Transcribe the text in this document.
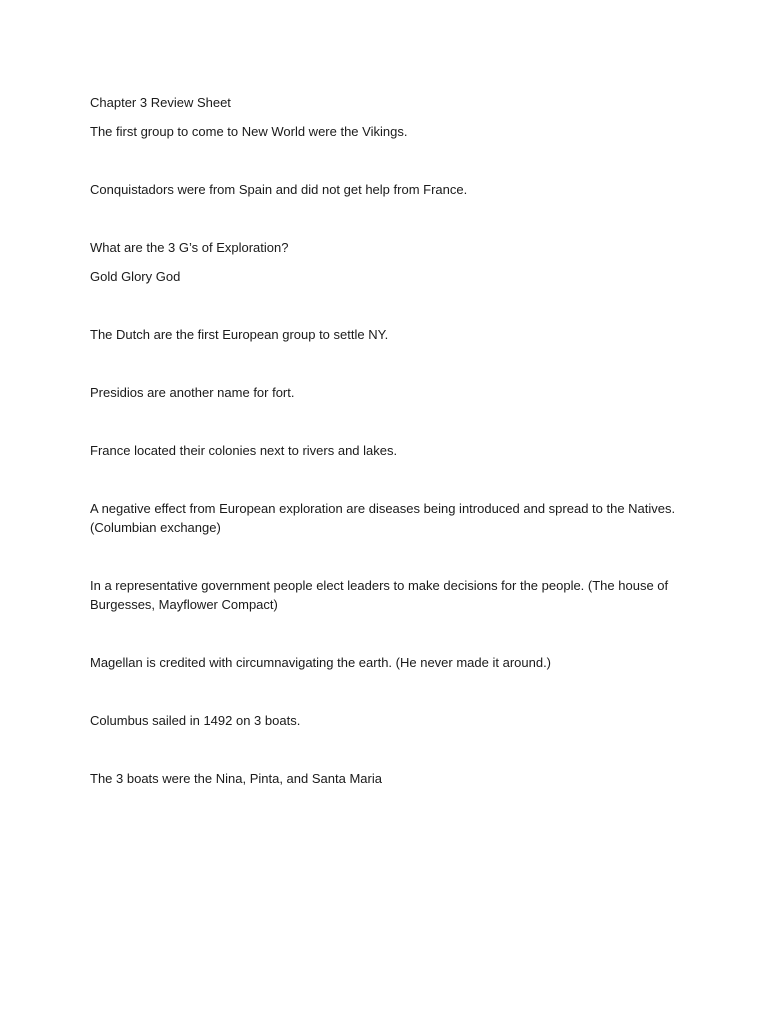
Chapter 3 Review Sheet

The first group to come to New World were the Vikings.

Conquistadors were from Spain and did not get help from France.

What are the 3 G’s of Exploration?

Gold Glory God

The Dutch are the first European group to settle NY.

Presidios are another name for fort.

France located their colonies next to rivers and lakes.

A negative effect from European exploration are diseases being introduced and spread to the Natives. (Columbian exchange)

In a representative government people elect leaders to make decisions for the people. (The house of Burgesses, Mayflower Compact)

Magellan is credited with circumnavigating the earth. (He never made it around.)

Columbus sailed in 1492 on 3 boats.

The 3 boats were the Nina, Pinta, and Santa Maria
